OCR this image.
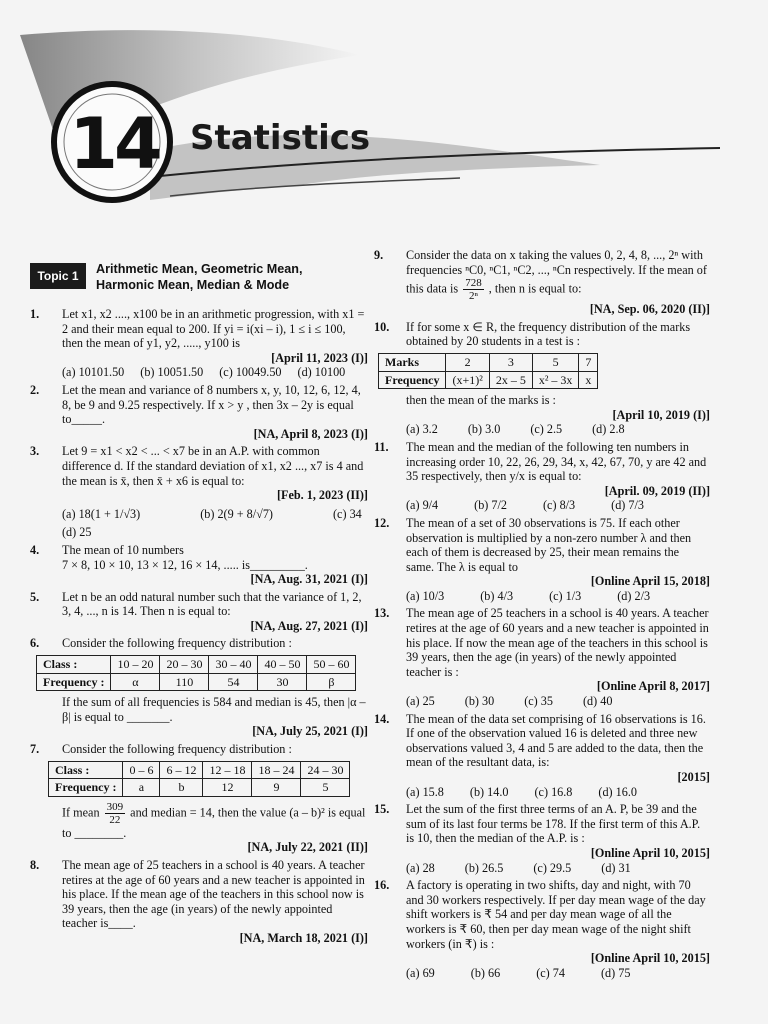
14 Statistics
Topic 1	Arithmetic Mean, Geometric Mean, Harmonic Mean, Median & Mode
1. Let x1, x2 ...., x100 be in an arithmetic progression, with x1 = 2 and their mean equal to 200. If yi = i(xi – i), 1 ≤ i ≤ 100, then the mean of y1, y2, ....., y100 is
[April 11, 2023 (I)]
(a) 10101.50 (b) 10051.50 (c) 10049.50 (d) 10100
2. Let the mean and variance of 8 numbers x, y, 10, 12, 6, 12, 4, 8, be 9 and 9.25 respectively. If x > y , then 3x – 2y is equal to_____.
[NA, April 8, 2023 (I)]
3. Let 9 = x1 < x2 < ... < x7 be in an A.P. with common difference d. If the standard deviation of x1, x2 ..., x7 is 4 and the mean is x̄, then x̄ + x6 is equal to:
[Feb. 1, 2023 (II)]
(a) 18(1 + 1/√3)	(b) 2(9 + 8/√7)	(c) 34
(d) 25
4. The mean of 10 numbers
7 × 8, 10 × 10, 13 × 12, 16 × 14, ..... is_________.
[NA, Aug. 31, 2021 (I)]
5. Let n be an odd natural number such that the variance of 1, 2, 3, 4, ..., n is 14. Then n is equal to:
[NA, Aug. 27, 2021 (I)]
6. Consider the following frequency distribution :
Class :	10 – 20	20 – 30	30 – 40	40 – 50	50 – 60
Frequency :	α	110	54	30	β
If the sum of all frequencies is 584 and median is 45, then |α – β| is equal to _______.
[NA, July 25, 2021 (I)]
7. Consider the following frequency distribution :
Class :	0 – 6	6 – 12	12 – 18	18 – 24	24 – 30
Frequency :	a	b	12	9	5
If mean $\frac{309}{22}$ and median = 14, then the value (a – b)² is equal to ________.
[NA, July 22, 2021 (II)]
8. The mean age of 25 teachers in a school is 40 years. A teacher retires at the age of 60 years and a new teacher is appointed in his place. If the mean age of the teachers in this school now is 39 years, then the age (in years) of the newly appointed teacher is____.
[NA, March 18, 2021 (I)]
9. Consider the data on x taking the values 0, 2, 4, 8, ..., 2ⁿ with frequencies ⁿC0, ⁿC1, ⁿC2, ..., ⁿCn respectively. If the mean of this data is $\frac{728}{\text{2ⁿ}}$ , then n is equal to:
[NA, Sep. 06, 2020 (II)]
10. If for some x ∈ R, the frequency distribution of the marks obtained by 20 students in a test is :
Marks	2	3	5	7
Frequency	(x+1)²	2x – 5	x² – 3x	x
then the mean of the marks is :
[April 10, 2019 (I)]
(a) 3.2 (b) 3.0 (c) 2.5 (d) 2.8
11. The mean and the median of the following ten numbers in increasing order 10, 22, 26, 29, 34, x, 42, 67, 70, y are 42 and 35 respectively, then y/x is equal to:
[April. 09, 2019 (II)]
(a) 9/4	(b) 7/2	(c) 8/3	(d) 7/3
12. The mean of a set of 30 observations is 75. If each other observation is multiplied by a non-zero number λ and then each of them is decreased by 25, their mean remains the same. The λ is equal to
[Online April 15, 2018]
(a) 10/3	(b) 4/3	(c) 1/3	(d) 2/3
13. The mean age of 25 teachers in a school is 40 years. A teacher retires at the age of 60 years and a new teacher is appointed in his place. If now the mean age of the teachers in this school is 39 years, then the age (in years) of the newly appointed teacher is :
[Online April 8, 2017]
(a) 25 (b) 30 (c) 35 (d) 40
14. The mean of the data set comprising of 16 observations is 16. If one of the observation valued 16 is deleted and three new observations valued 3, 4 and 5 are added to the data, then the mean of the resultant data, is:
[2015]
(a) 15.8 (b) 14.0 (c) 16.8 (d) 16.0
15. Let the sum of the first three terms of an A. P, be 39 and the sum of its last four terms be 178. If the first term of this A.P. is 10, then the median of the A.P. is :
[Online April 10, 2015]
(a) 28 (b) 26.5 (c) 29.5 (d) 31
16. A factory is operating in two shifts, day and night, with 70 and 30 workers respectively. If per day mean wage of the day shift workers is ₹ 54 and per day mean wage of all the workers is ₹ 60, then per day mean wage of the night shift workers (in ₹) is :
[Online April 10, 2015]
(a) 69	(b) 66	(c) 74	(d) 75
